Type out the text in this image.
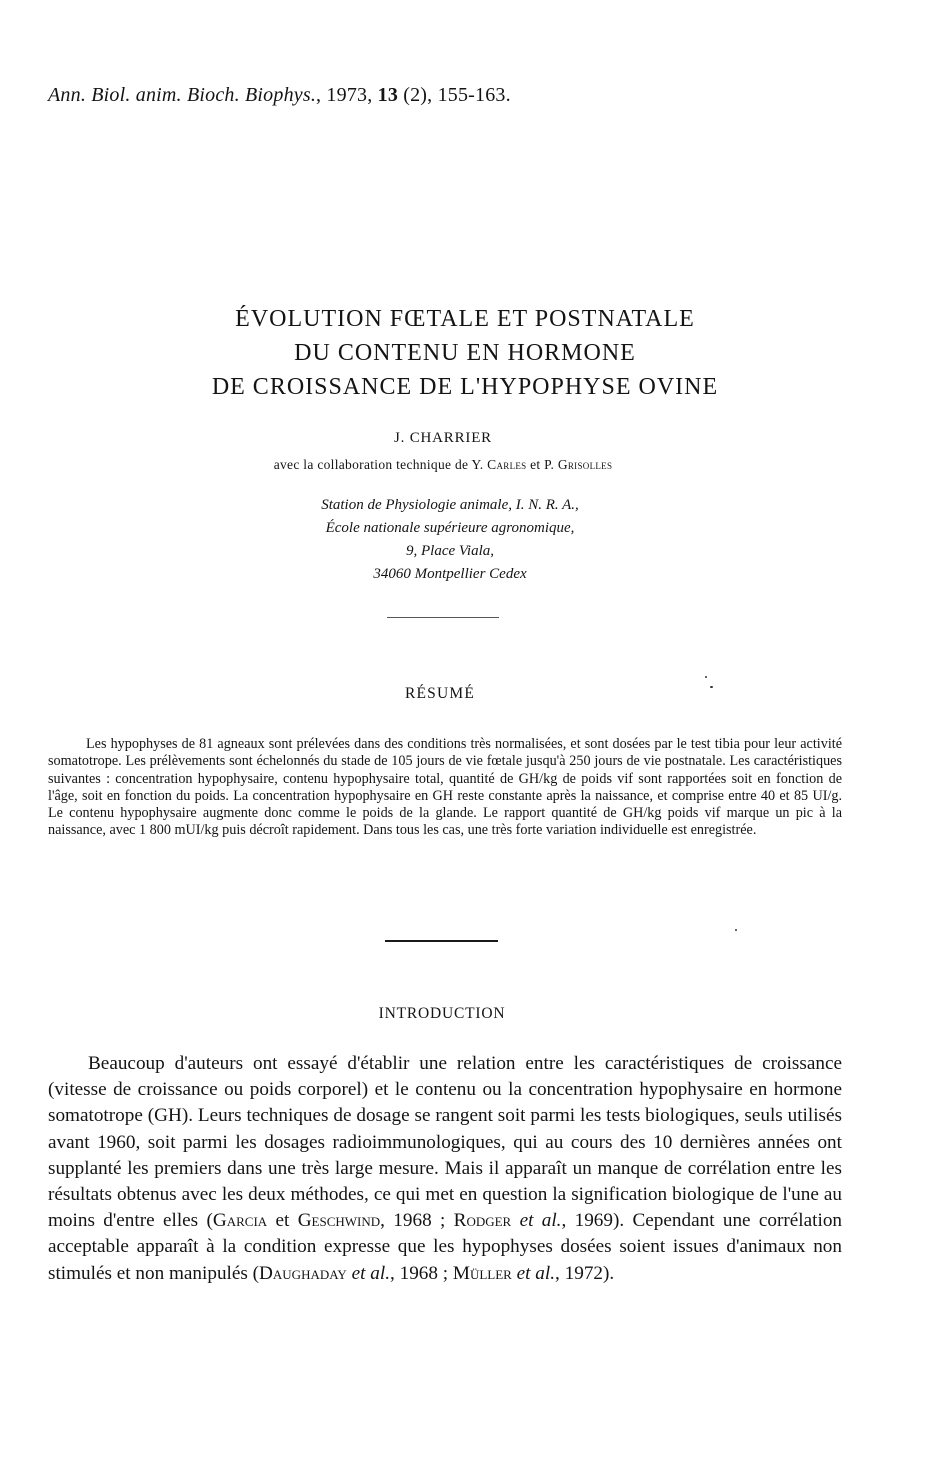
Ann. Biol. anim. Bioch. Biophys., 1973, 13 (2), 155-163.
ÉVOLUTION FŒTALE ET POSTNATALE
DU CONTENU EN HORMONE
DE CROISSANCE DE L'HYPOPHYSE OVINE
J. CHARRIER
avec la collaboration technique de Y. Carles et P. Grisolles
Station de Physiologie animale, I. N. R. A.,
École nationale supérieure agronomique,
9, Place Viala,
34060 Montpellier Cedex
RÉSUMÉ

Les hypophyses de 81 agneaux sont prélevées dans des conditions très normalisées, et sont dosées par le test tibia pour leur activité somatotrope. Les prélèvements sont échelonnés du stade de 105 jours de vie fœtale jusqu'à 250 jours de vie postnatale. Les caractéristiques suivantes : concentration hypophysaire, contenu hypophysaire total, quantité de GH/kg de poids vif sont rapportées soit en fonction de l'âge, soit en fonction du poids. La concentration hypophysaire en GH reste constante après la naissance, et comprise entre 40 et 85 UI/g. Le contenu hypophysaire augmente donc comme le poids de la glande. Le rapport quantité de GH/kg poids vif marque un pic à la naissance, avec 1 800 mUI/kg puis décroît rapidement. Dans tous les cas, une très forte variation individuelle est enregistrée.

INTRODUCTION

Beaucoup d'auteurs ont essayé d'établir une relation entre les caractéristiques de croissance (vitesse de croissance ou poids corporel) et le contenu ou la concentration hypophysaire en hormone somatotrope (GH). Leurs techniques de dosage se rangent soit parmi les tests biologiques, seuls utilisés avant 1960, soit parmi les dosages radioimmunologiques, qui au cours des 10 dernières années ont supplanté les premiers dans une très large mesure. Mais il apparaît un manque de corrélation entre les résultats obtenus avec les deux méthodes, ce qui met en question la signification biologique de l'une au moins d'entre elles (Garcia et Geschwind, 1968 ; Rodger et al., 1969). Cependant une corrélation acceptable apparaît à la condition expresse que les hypophyses dosées soient issues d'animaux non stimulés et non manipulés (Daughaday et al., 1968 ; Müller et al., 1972).
